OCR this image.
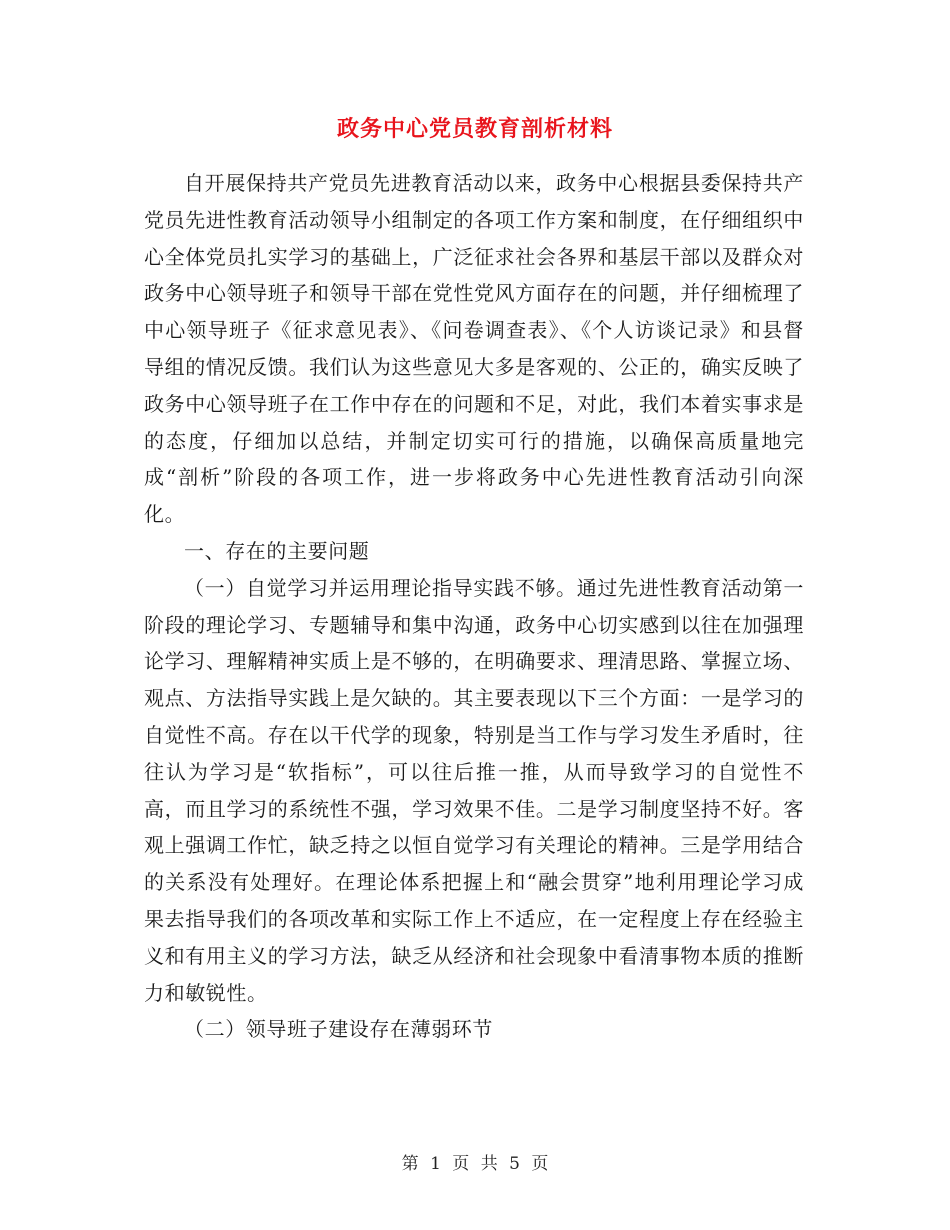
政务中心党员教育剖析材料

自开展保持共产党员先进教育活动以来，政务中心根据县委保持共产党员先进性教育活动领导小组制定的各项工作方案和制度，在仔细组织中心全体党员扎实学习的基础上，广泛征求社会各界和基层干部以及群众对政务中心领导班子和领导干部在党性党风方面存在的问题，并仔细梳理了中心领导班子《征求意见表》、《问卷调查表》、《个人访谈记录》和县督导组的情况反馈。我们认为这些意见大多是客观的、公正的，确实反映了政务中心领导班子在工作中存在的问题和不足，对此，我们本着实事求是的态度，仔细加以总结，并制定切实可行的措施，以确保高质量地完成“剖析”阶段的各项工作，进一步将政务中心先进性教育活动引向深化。

一、存在的主要问题

（一）自觉学习并运用理论指导实践不够。通过先进性教育活动第一阶段的理论学习、专题辅导和集中沟通，政务中心切实感到以往在加强理论学习、理解精神实质上是不够的，在明确要求、理清思路、掌握立场、观点、方法指导实践上是欠缺的。其主要表现以下三个方面：一是学习的自觉性不高。存在以干代学的现象，特别是当工作与学习发生矛盾时，往往认为学习是“软指标”，可以往后推一推，从而导致学习的自觉性不高，而且学习的系统性不强，学习效果不佳。二是学习制度坚持不好。客观上强调工作忙，缺乏持之以恒自觉学习有关理论的精神。三是学用结合的关系没有处理好。在理论体系把握上和“融会贯穿”地利用理论学习成果去指导我们的各项改革和实际工作上不适应，在一定程度上存在经验主义和有用主义的学习方法，缺乏从经济和社会现象中看清事物本质的推断力和敏锐性。

（二）领导班子建设存在薄弱环节

第 1 页 共 5 页
